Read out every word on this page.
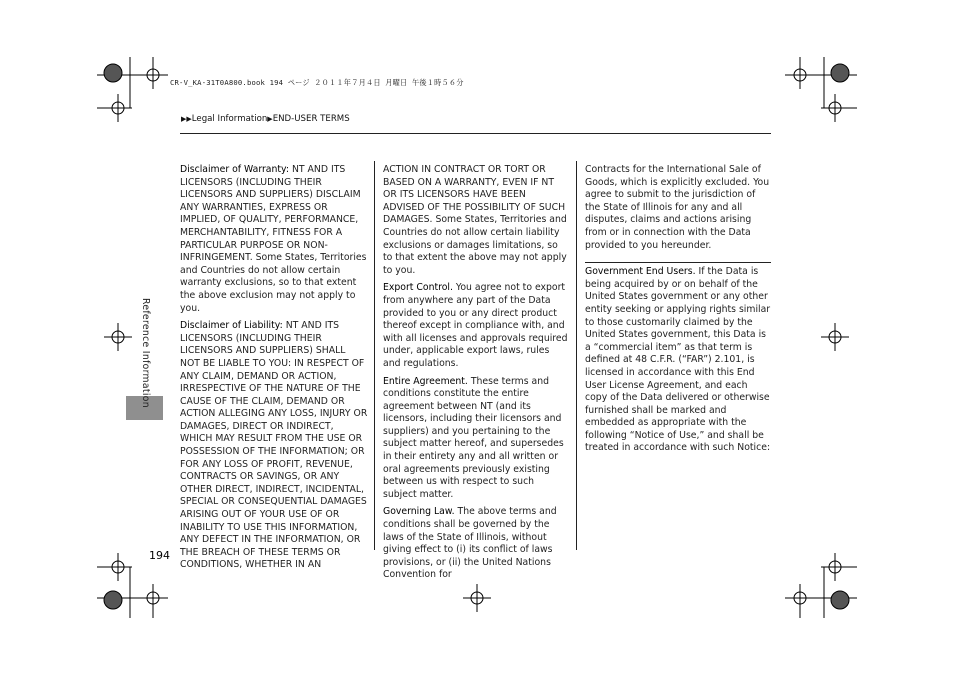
CR-V_KA-31T0A800.book 194 ページ ２０１１年７月４日 月曜日 午後１時５６分
▶▶Legal Information▶END-USER TERMS
Reference Information

Disclaimer of Warranty: NT AND ITS LICENSORS (INCLUDING THEIR LICENSORS AND SUPPLIERS) DISCLAIM ANY WARRANTIES, EXPRESS OR IMPLIED, OF QUALITY, PERFORMANCE, MERCHANTABILITY, FITNESS FOR A PARTICULAR PURPOSE OR NON-INFRINGEMENT. Some States, Territories and Countries do not allow certain warranty exclusions, so to that extent the above exclusion may not apply to you.

Disclaimer of Liability: NT AND ITS LICENSORS (INCLUDING THEIR LICENSORS AND SUPPLIERS) SHALL NOT BE LIABLE TO YOU: IN RESPECT OF ANY CLAIM, DEMAND OR ACTION, IRRESPECTIVE OF THE NATURE OF THE CAUSE OF THE CLAIM, DEMAND OR ACTION ALLEGING ANY LOSS, INJURY OR DAMAGES, DIRECT OR INDIRECT, WHICH MAY RESULT FROM THE USE OR POSSESSION OF THE INFORMATION; OR FOR ANY LOSS OF PROFIT, REVENUE, CONTRACTS OR SAVINGS, OR ANY OTHER DIRECT, INDIRECT, INCIDENTAL, SPECIAL OR CONSEQUENTIAL DAMAGES ARISING OUT OF YOUR USE OF OR INABILITY TO USE THIS INFORMATION, ANY DEFECT IN THE INFORMATION, OR THE BREACH OF THESE TERMS OR CONDITIONS, WHETHER IN AN

ACTION IN CONTRACT OR TORT OR BASED ON A WARRANTY, EVEN IF NT OR ITS LICENSORS HAVE BEEN ADVISED OF THE POSSIBILITY OF SUCH DAMAGES. Some States, Territories and Countries do not allow certain liability exclusions or damages limitations, so to that extent the above may not apply to you.

Export Control. You agree not to export from anywhere any part of the Data provided to you or any direct product thereof except in compliance with, and with all licenses and approvals required under, applicable export laws, rules and regulations.

Entire Agreement. These terms and conditions constitute the entire agreement between NT (and its licensors, including their licensors and suppliers) and you pertaining to the subject matter hereof, and supersedes in their entirety any and all written or oral agreements previously existing between us with respect to such subject matter.

Governing Law. The above terms and conditions shall be governed by the laws of the State of Illinois, without giving effect to (i) its conflict of laws provisions, or (ii) the United Nations Convention for

Contracts for the International Sale of Goods, which is explicitly excluded. You agree to submit to the jurisdiction of the State of Illinois for any and all disputes, claims and actions arising from or in connection with the Data provided to you hereunder.

Government End Users. If the Data is being acquired by or on behalf of the United States government or any other entity seeking or applying rights similar to those customarily claimed by the United States government, this Data is a “commercial item” as that term is defined at 48 C.F.R. (“FAR”) 2.101, is licensed in accordance with this End User License Agreement, and each copy of the Data delivered or otherwise furnished shall be marked and embedded as appropriate with the following “Notice of Use,” and shall be treated in accordance with such Notice:

194
